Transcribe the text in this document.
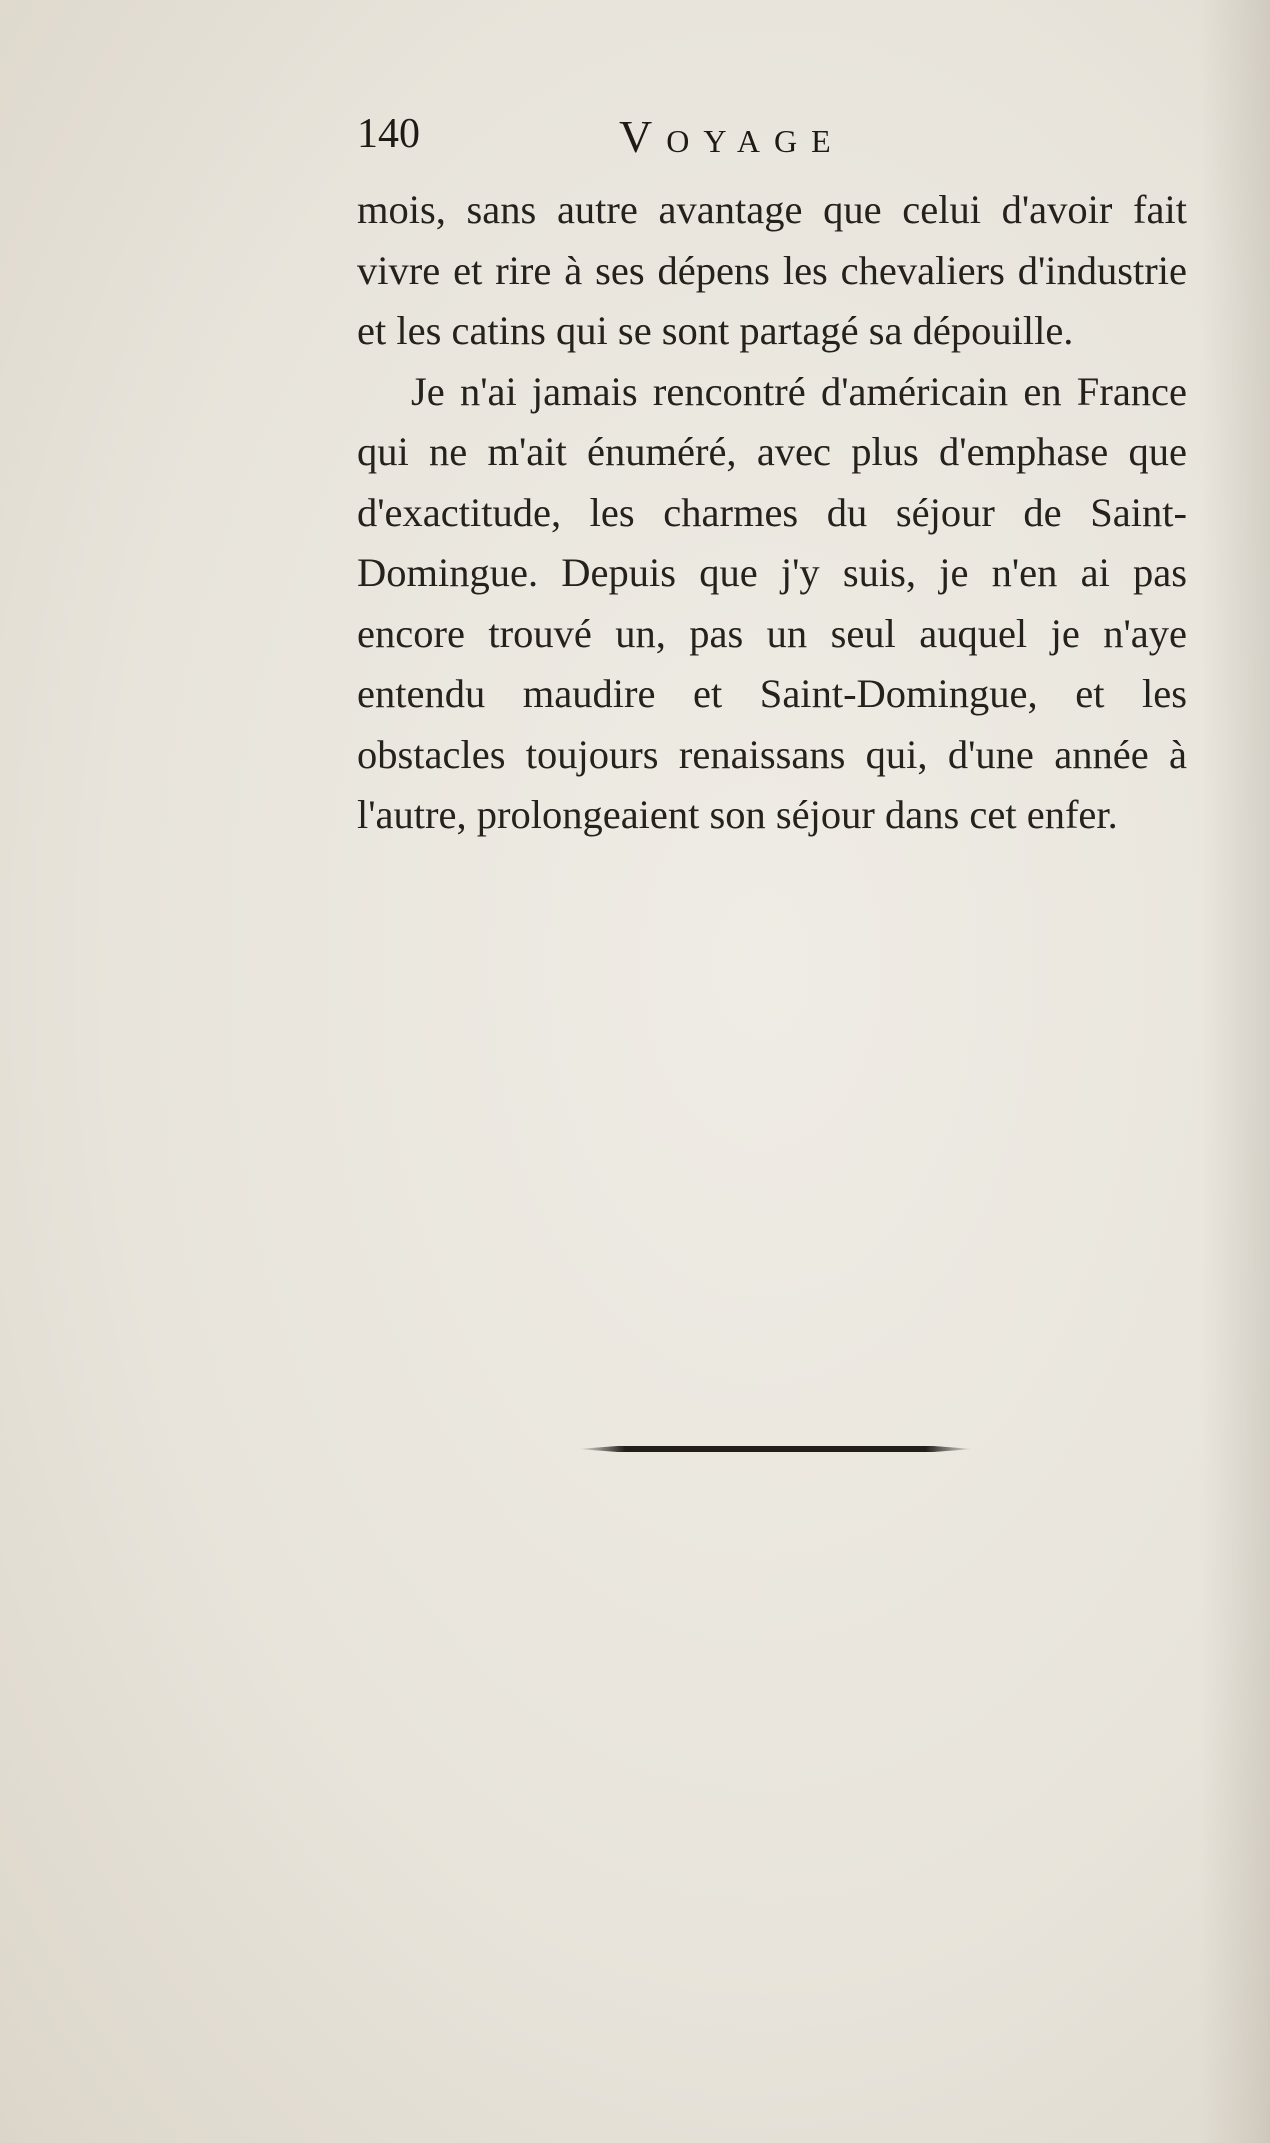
140	Voyage

mois, sans autre avantage que celui d'avoir fait vivre et rire à ses dépens les chevaliers d'industrie et les catins qui se sont partagé sa dépouille.

Je n'ai jamais rencontré d'américain en France qui ne m'ait énuméré, avec plus d'emphase que d'exactitude, les charmes du séjour de Saint-Domingue. Depuis que j'y suis, je n'en ai pas encore trouvé un, pas un seul auquel je n'aye entendu maudire et Saint-Domingue, et les obstacles toujours renaissans qui, d'une année à l'autre, prolongeaient son séjour dans cet enfer.
